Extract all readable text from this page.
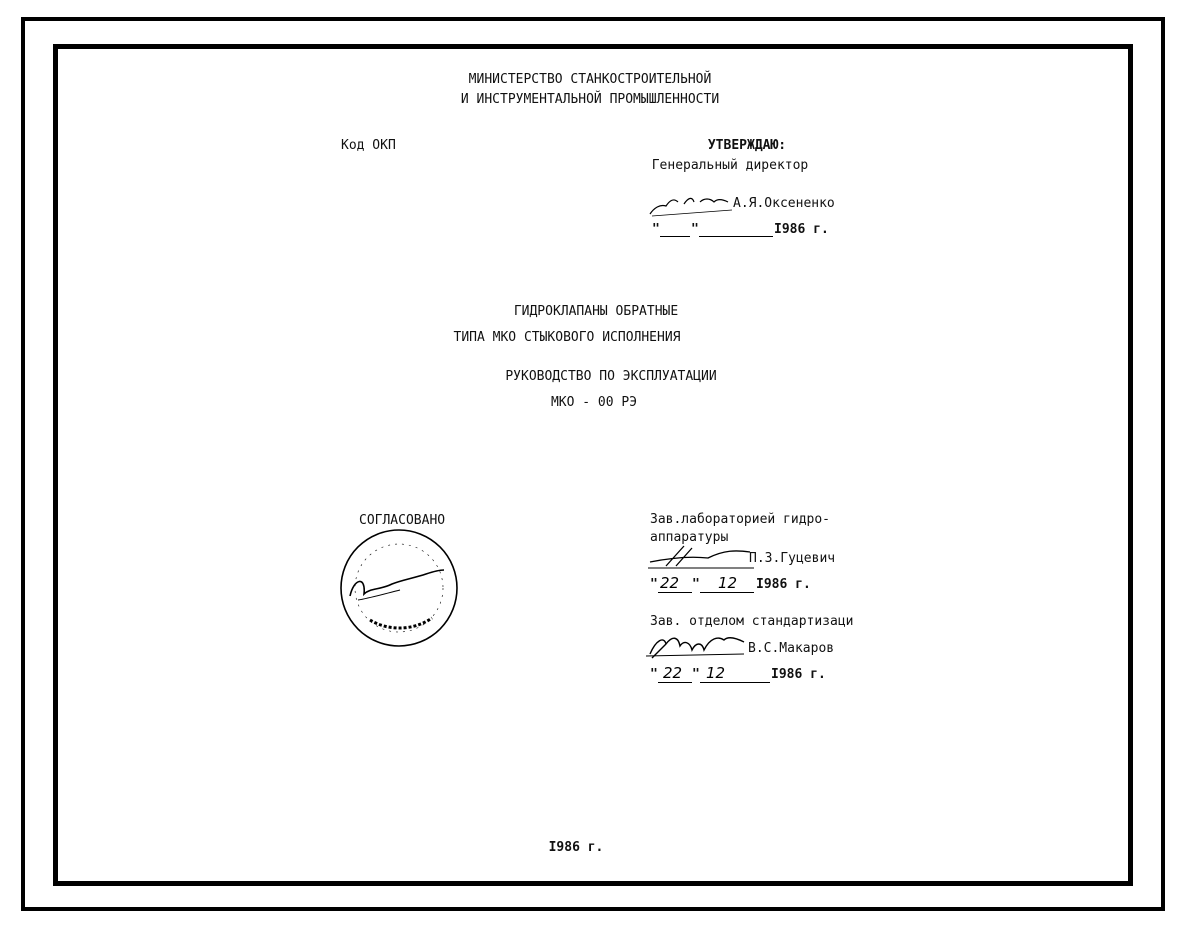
МИНИСТЕРСТВО СТАНКОСТРОИТЕЛЬНОЙ
И ИНСТРУМЕНТАЛЬНОЙ ПРОМЫШЛЕННОСТИ
Код ОКП	УТВЕРЖДАЮ:
Генеральный директор
А.Я.Оксененко
" "	I986 г.
ГИДРОКЛАПАНЫ ОБРАТНЫЕ
ТИПА МКО СТЫКОВОГО ИСПОЛНЕНИЯ
РУКОВОДСТВО ПО ЭКСПЛУАТАЦИИ
МКО - 00 РЭ
СОГЛАСОВАНО	Зав.лабораторией гидро-
аппаратуры
П.З.Гуцевич
" 22 " 12 I986 г.
Зав. отделом стандартизаци
В.С.Макаров
" 22 " 12	I986 г.
I986 г.
